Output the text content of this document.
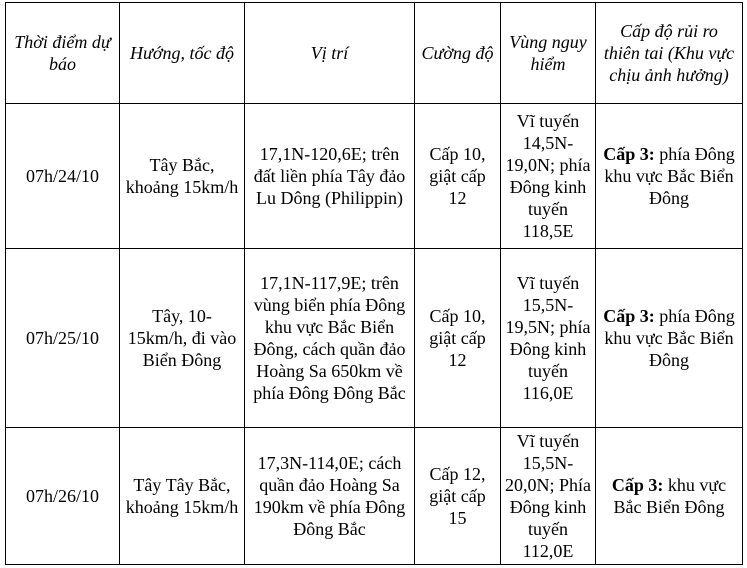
Thời điểm dự báo	Hướng, tốc độ	Vị trí	Cường độ	Vùng nguy hiểm	Cấp độ rủi ro thiên tai (Khu vực chịu ảnh hưởng)
07h/24/10	Tây Bắc, khoảng 15km/h	17,1N-120,6E; trên đất liền phía Tây đảo Lu Dông (Philippin)	Cấp 10, giật cấp 12	Vĩ tuyến 14,5N-19,0N; phía Đông kinh tuyến 118,5E	Cấp 3: phía Đông khu vực Bắc Biển Đông
07h/25/10	Tây, 10-15km/h, đi vào Biển Đông	17,1N-117,9E; trên vùng biển phía Đông khu vực Bắc Biển Đông, cách quần đảo Hoàng Sa 650km về phía Đông Đông Bắc	Cấp 10, giật cấp 12	Vĩ tuyến 15,5N-19,5N; phía Đông kinh tuyến 116,0E	Cấp 3: phía Đông khu vực Bắc Biển Đông
07h/26/10	Tây Tây Bắc, khoảng 15km/h	17,3N-114,0E; cách quần đảo Hoàng Sa 190km về phía Đông Đông Bắc	Cấp 12, giật cấp 15	Vĩ tuyến 15,5N-20,0N; Phía Đông kinh tuyến 112,0E	Cấp 3: khu vực Bắc Biển Đông
